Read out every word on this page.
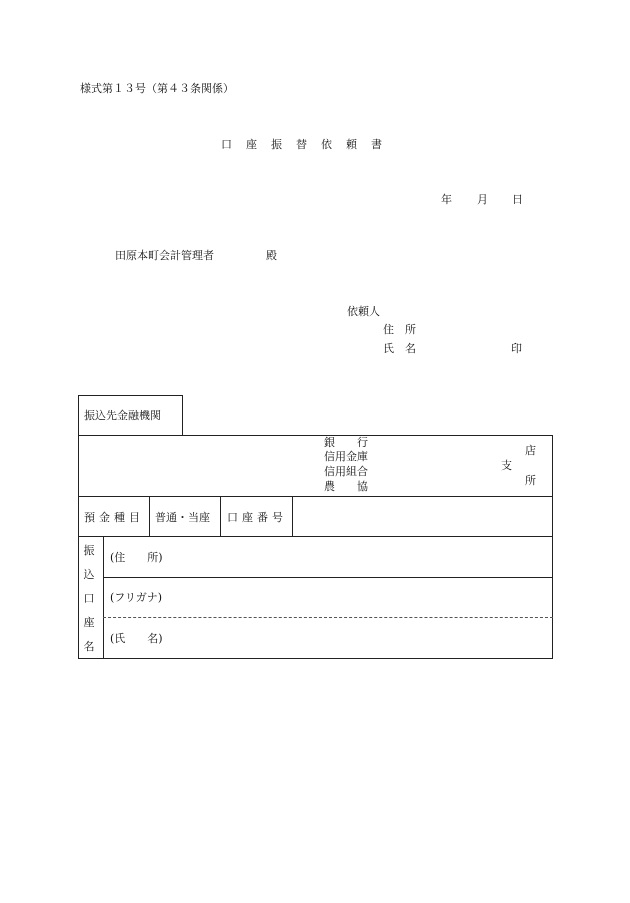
様式第１３号（第４３条関係）
口座振替依頼書
年 月 日
田原本町会計管理者	殿
依頼人
住　所
氏　名	印
振込先金融機関
銀　　行
信用金庫
信用組合
農　　協
店
支
所
預金種目 普通・当座 口座番号
振
込
口
座
名
(住　　所)
(フリガナ)
(氏　　名)
